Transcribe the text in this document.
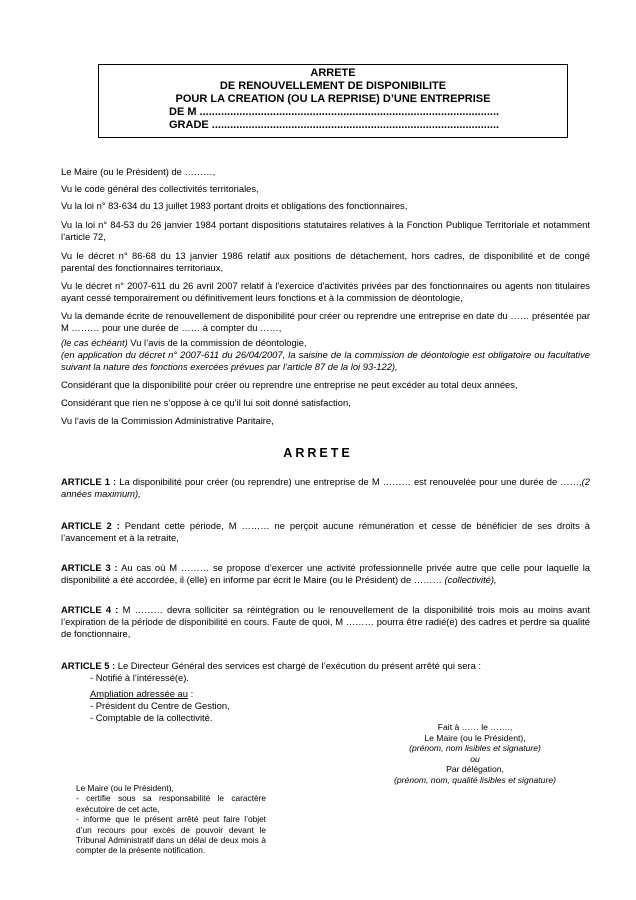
ARRETE
DE RENOUVELLEMENT DE DISPONIBILITE
POUR LA CREATION (OU LA REPRISE) D’UNE ENTREPRISE
DE M ..................................................................................................
GRADE ..............................................................................................
Le Maire (ou le Président) de ………,
Vu le code général des collectivités territoriales,
Vu la loi n° 83-634 du 13 juillet 1983 portant droits et obligations des fonctionnaires,
Vu la loi n° 84-53 du 26 janvier 1984 portant dispositions statutaires relatives à la Fonction Publique Territoriale et notamment l’article 72,
Vu le décret n° 86-68 du 13 janvier 1986 relatif aux positions de détachement, hors cadres, de disponibilité et de congé parental des fonctionnaires territoriaux,
Vu le décret n° 2007-611 du 26 avril 2007 relatif à l'exercice d'activités privées par des fonctionnaires ou agents non titulaires ayant cessé temporairement ou définitivement leurs fonctions et à la commission de déontologie,
Vu la demande écrite de renouvellement de disponibilité pour créer ou reprendre une entreprise en date du …… présentée par M ……… pour une durée de …… à compter du ……,
(le cas échéant) Vu l’avis de la commission de déontologie,
(en application du décret n° 2007-611 du 26/04/2007, la saisine de la commission de déontologie est obligatoire ou facultative suivant la nature des fonctions exercées prévues par l’article 87 de la loi 93-122),
Considérant que la disponibilité pour créer ou reprendre une entreprise ne peut excéder au total deux années,
Considérant que rien ne s’oppose à ce qu’il lui soit donné satisfaction,
Vu l’avis de la Commission Administrative Paritaire,
ARRETE
ARTICLE 1 : La disponibilité pour créer (ou reprendre) une entreprise de M ……… est renouvelée pour une durée de ……,(2 années maximum),
ARTICLE 2 : Pendant cette période, M ……… ne perçoit aucune rémunération et cesse de bénéficier de ses droits à l’avancement et à la retraite,
ARTICLE 3 : Au cas où M ……… se propose d’exercer une activité professionnelle privée autre que celle pour laquelle la disponibilité a été accordée, il (elle) en informe par écrit le Maire (ou le Président) de ……… (collectivité),
ARTICLE 4 : M ……… devra solliciter sa réintégration ou le renouvellement de la disponibilité trois mois au moins avant l’expiration de la période de disponibilité en cours. Faute de quoi, M ……… pourra être radié(e) des cadres et perdre sa qualité de fonctionnaire,
ARTICLE 5 : Le Directeur Général des services est chargé de l’exécution du présent arrêté qui sera :
- Notifié à l’intéressé(e).
Ampliation adressée au :
- Président du Centre de Gestion,
- Comptable de la collectivité.
Fait à …… le …….,
Le Maire (ou le Président),
(prénom, nom lisibles et signature)
ou
Par délégation,
(prénom, nom, qualité lisibles et signature)
Le Maire (ou le Président),
- certifie sous sa responsabilité le caractère exécutoire de cet acte,
- informe que le présent arrêté peut faire l’objet d’un recours pour excès de pouvoir devant le Tribunal Administratif dans un délai de deux mois à compter de la présente notification.
